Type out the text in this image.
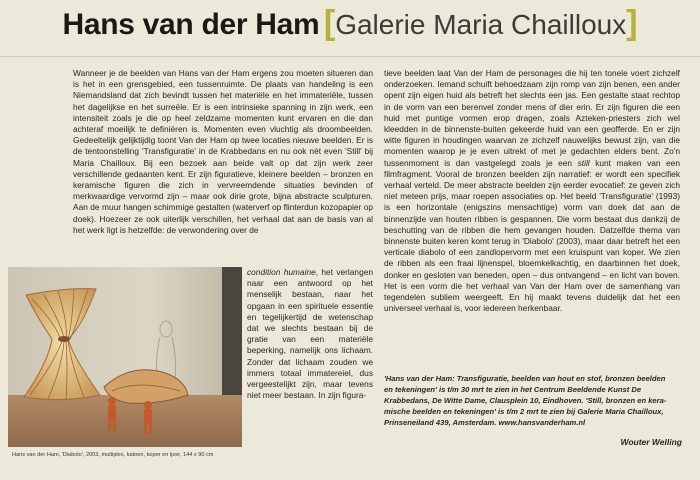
Hans van der Ham [Galerie Maria Chailloux]

Wanneer je de beelden van Hans van der Ham ergens zou moeten situeren dan is het in een grensgebied, een tussenruimte. De plaats van handeling is een Niemandsland dat zich bevindt tussen het materiële en het immateriële, tussen het dagelijkse en het surreële. Er is een intrinsieke spanning in zijn werk, een intensiteit zoals je die op heel zeldzame momenten kunt ervaren en die dan achteraf moeilijk te definiëren is. Momenten even vluchtig als droombeelden. Gedeeltelijk gelijktijdig toont Van der Ham op twee locaties nieuwe beelden. Er is de tentoonstelling 'Transfiguratie' in de Krabbedans en nu ook nèt even 'Still' bij Maria Chailloux. Bij een bezoek aan beide valt op dat zijn werk zeer verschillende gedaanten kent. Er zijn figuratieve, kleinere beelden – bronzen en keramische figuren die zich in vervreemdende situaties bevinden of merkwaardige vervormd zijn – maar ook dirie grote, bijna abstracte sculpturen. Aan de muur hangen schimmige gestalten (waterverf op flinterdun kozopapier op doek). Hoezeer ze ook uiterlijk verschillen, het verhaal dat aan de basis van al het werk ligt is hetzelfde: de verwondering over de

condition humaine, het verlangen naar een antwoord op het menselijk bestaan, naar het opgaan in een spirituele essentie en tegelijkertijd de wetenschap dat we slechts bestaan bij de gratie van een materiële beperking, namelijk ons lichaam. Zonder dat lichaam zouden we immers totaal immatereiel, dus vergeestelijkt zijn, maar tevens niet meer bestaan. In zijn figura-

tieve beelden laat Van der Ham de personages die hij ten tonele voert zichzelf onderzoeken. Iemand schuift behoedzaam zijn romp van zijn benen, een ander opent zijn eigen huid als betreft het slechts een jas. Een gestalte staat rechtop in de vorm van een berenvel zonder mens of dier erin. Er zijn figuren die een huid met puntige vormen erop dragen, zoals Azteken-priesters zich wel kleedden in de binnenste-buiten gekeerde huid van een geofferde. En er zijn witte figuren in houdingen waarvan ze zichzelf nauwelijks bewust zijn, van die momenten waarop je je even uitrekt of met je gedachten elders bent. Zo'n tussenmoment is dan vastgelegd zoals je een still kunt maken van een filmfragment. Vooral de bronzen beelden zijn narratief: er wordt een specifiek verhaal verteld. De meer abstracte beelden zijn eerder evocatief: ze geven zich niet meteen prijs, maar roepen associaties op. Het beeld 'Transfiguratie' (1993) is een horizontale (enigszins mensachtige) vorm van doek dat aan de binnenzijde van houten ribben is gespannen. Die vorm bestaat dus dankzij de beschutting van de ribben die hem gevangen houden. Datzelfde thema van binnenste buiten keren komt terug in 'Diabolo' (2003), maar daar betreft het een verticale diabolo of een zandlopervorm met een kruispunt van koper. We zien de ribben als een fraai lijnenspel, bloemkelkachtig, en daarbinnen het doek, donker en gesloten van beneden, open – dus ontvangend – en licht van boven. Het is een vorm die het verhaal van Van der Ham over de samenhang van tegendelen subliem weergeeft. En hij maakt tevens duidelijk dat het een universeel verhaal is, voor iedereen herkenbaar.

Hans van der Ham, 'Diabolo', 2003, multiplex, katoen, koper en ijzer, 144 x 90 cm
'Hans van der Ham: Transfiguratie, beelden van hout en stof, bronzen beelden
en tekeningen' is t/m 30 mrt te zien in het Centrum Beeldende Kunst De
Krabbedans, De Witte Dame, Clausplein 10, Eindhoven. 'Still, bronzen en kera-
mische beelden en tekeningen' is t/m 2 mrt te zien bij Galerie Maria Chailloux,
Prinseneiland 439, Amsterdam. www.hansvanderham.nl
Wouter Welling
